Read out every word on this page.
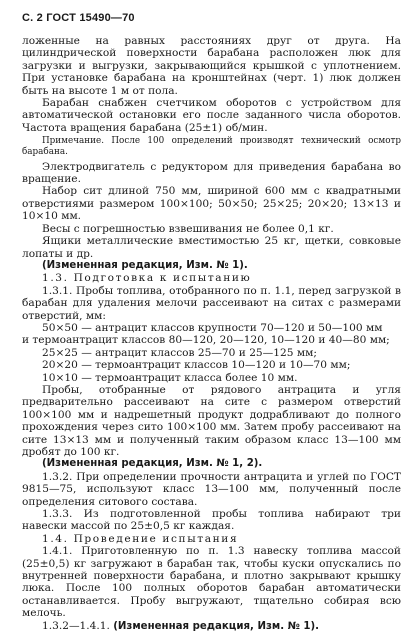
С. 2 ГОСТ 15490—70

ложенные на равных расстояниях друг от друга. На цилиндрической поверхности барабана расположен люк для загрузки и выгрузки, закрывающийся крышкой с уплотнением. При установке барабана на кронштейнах (черт. 1) люк должен быть на высоте 1 м от пола.

Барабан снабжен счетчиком оборотов с устройством для автоматической остановки его после заданного числа оборотов. Частота вращения барабана (25±1) об/мин.

Примечание. После 100 определений производят технический осмотр барабана.

Электродвигатель с редуктором для приведения барабана во вращение.

Набор сит длиной 750 мм, шириной 600 мм с квадратными отверстиями размером 100×100; 50×50; 25×25; 20×20; 13×13 и 10×10 мм.

Весы с погрешностью взвешивания не более 0,1 кг.

Ящики металлические вместимостью 25 кг, щетки, совковые лопаты и др.

(Измененная редакция, Изм. № 1).

1.3. Подготовка к испытанию

1.3.1. Пробы топлива, отобранного по п. 1.1, перед загрузкой в барабан для удаления мелочи рассеивают на ситах с размерами отверстий, мм:

50×50 — антрацит классов крупности 70—120 и 50—100 мм

и термоантрацит классов 80—120, 20—120, 10—120 и 40—80 мм;

25×25 — антрацит классов 25—70 и 25—125 мм;

20×20 — термоантрацит классов 10—120 и 10—70 мм;

10×10 — термоантрацит класса более 10 мм.

Пробы, отобранные от рядового антрацита и угля предварительно рассеивают на сите с размером отверстий 100×100 мм и надрешетный продукт додрабливают до полного прохождения через сито 100×100 мм. Затем пробу рассеивают на сите 13×13 мм и полученный таким образом класс 13—100 мм дробят до 100 кг.

(Измененная редакция, Изм. № 1, 2).

1.3.2. При определении прочности антрацита и углей по ГОСТ 9815—75, используют класс 13—100 мм, полученный после определения ситового состава.

1.3.3. Из подготовленной пробы топлива набирают три навески массой по 25±0,5 кг каждая.

1.4. Проведение испытания

1.4.1. Приготовленную по п. 1.3 навеску топлива массой (25±0,5) кг загружают в барабан так, чтобы куски опускались по внутренней поверхности барабана, и плотно закрывают крышку люка. После 100 полных оборотов барабан автоматически останавливается. Пробу выгружают, тщательно собирая всю мелочь.

1.3.2—1.4.1. (Измененная редакция, Изм. № 1).
